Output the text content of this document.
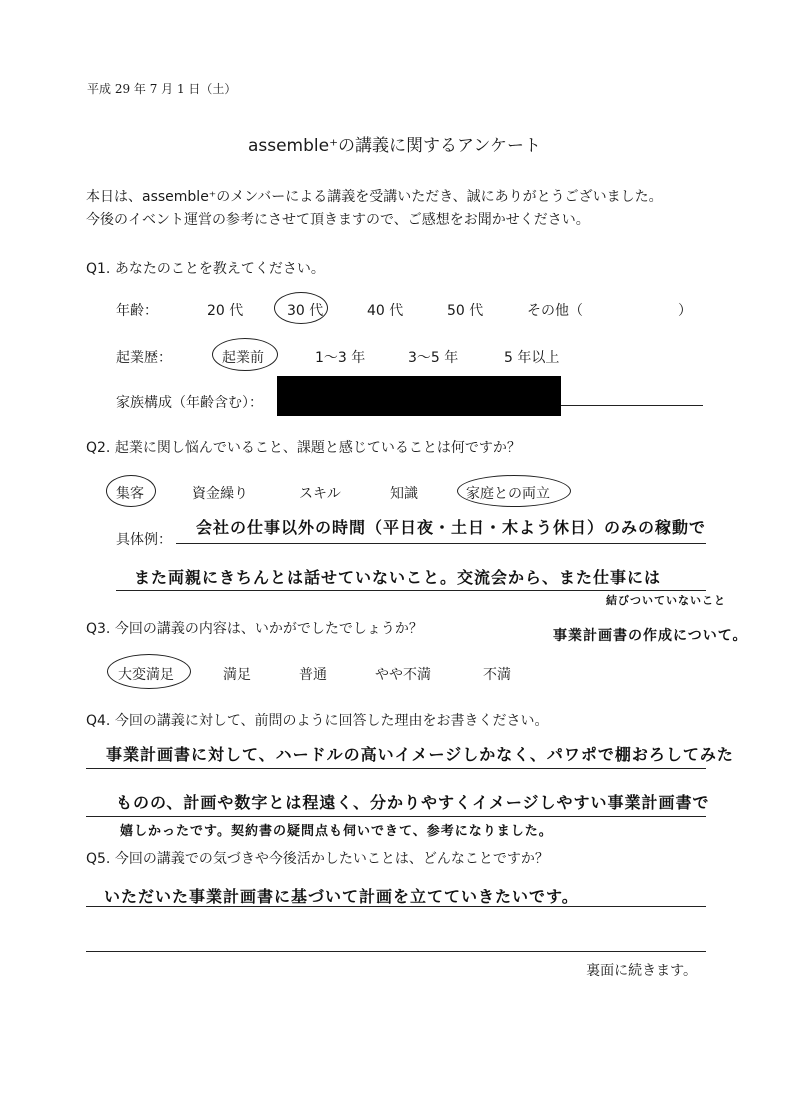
平成 29 年 7 月 1 日（土）
assemble⁺の講義に関するアンケート
本日は、assemble⁺のメンバーによる講義を受講いただき、誠にありがとうございました。
今後のイベント運営の参考にさせて頂きますので、ご感想をお聞かせください。
Q1. あなたのことを教えてください。
年齢：	20 代	30 代	40 代	50 代	その他（	）
起業歴：	起業前	1～3 年	3～5 年	5 年以上
家族構成（年齢含む）：
Q2. 起業に関し悩んでいること、課題と感じていることは何ですか？
集客	資金繰り	スキル	知識	家庭との両立
具体例：
会社の仕事以外の時間（平日夜・土日・木よう休日）のみの稼動で
また両親にきちんとは話せていないこと。交流会から、また仕事には
結びついていないこと
事業計画書の作成について。
Q3. 今回の講義の内容は、いかがでしたでしょうか？
大変満足	満足	普通	やや不満	不満
Q4. 今回の講義に対して、前問のように回答した理由をお書きください。
事業計画書に対して、ハードルの高いイメージしかなく、パワポで棚おろしてみた
ものの、計画や数字とは程遠く、分かりやすくイメージしやすい事業計画書で
嬉しかったです。契約書の疑問点も伺いできて、参考になりました。
Q5. 今回の講義での気づきや今後活かしたいことは、どんなことですか？
いただいた事業計画書に基づいて計画を立てていきたいです。
裏面に続きます。
